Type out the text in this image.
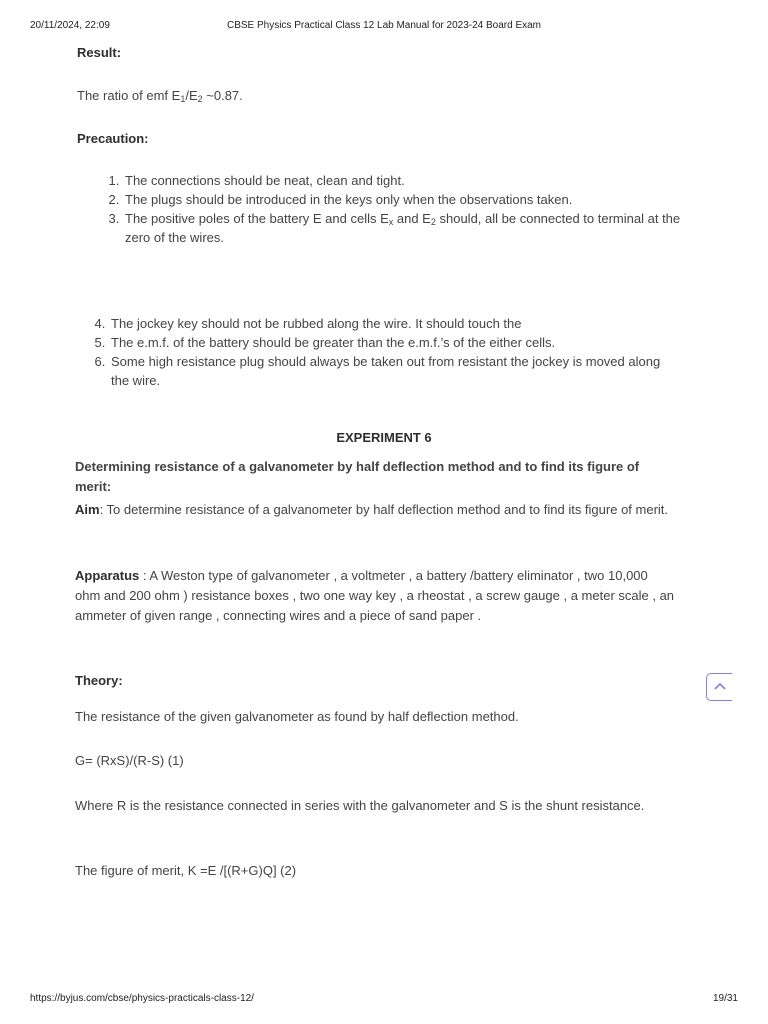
20/11/2024, 22:09	CBSE Physics Practical Class 12 Lab Manual for 2023-24 Board Exam
Result:
The ratio of emf $E_1/E_2$ ~0.87.
Precaution:
1. The connections should be neat, clean and tight.
2. The plugs should be introduced in the keys only when the observations taken.
3. The positive poles of the battery E and cells $E_x$ and $E_2$ should, all be connected to terminal at the zero of the wires.
4. The jockey key should not be rubbed along the wire. It should touch the
5. The e.m.f. of the battery should be greater than the e.m.f.’s of the either cells.
6. Some high resistance plug should always be taken out from resistant the jockey is moved along the wire.
EXPERIMENT 6
Determining resistance of a galvanometer by half deflection method and to find its figure of merit:
Aim: To determine resistance of a galvanometer by half deflection method and to find its figure of merit.
Apparatus : A Weston type of galvanometer , a voltmeter , a battery /battery eliminator , two 10,000 ohm and 200 ohm ) resistance boxes , two one way key , a rheostat , a screw gauge , a meter scale , an ammeter of given range , connecting wires and a piece of sand paper .
Theory:
The resistance of the given galvanometer as found by half deflection method.
G= (RxS)/(R-S) (1)
Where R is the resistance connected in series with the galvanometer and S is the shunt resistance.
The figure of merit, K =E /[(R+G)Q] (2)
https://byjus.com/cbse/physics-practicals-class-12/	19/31
